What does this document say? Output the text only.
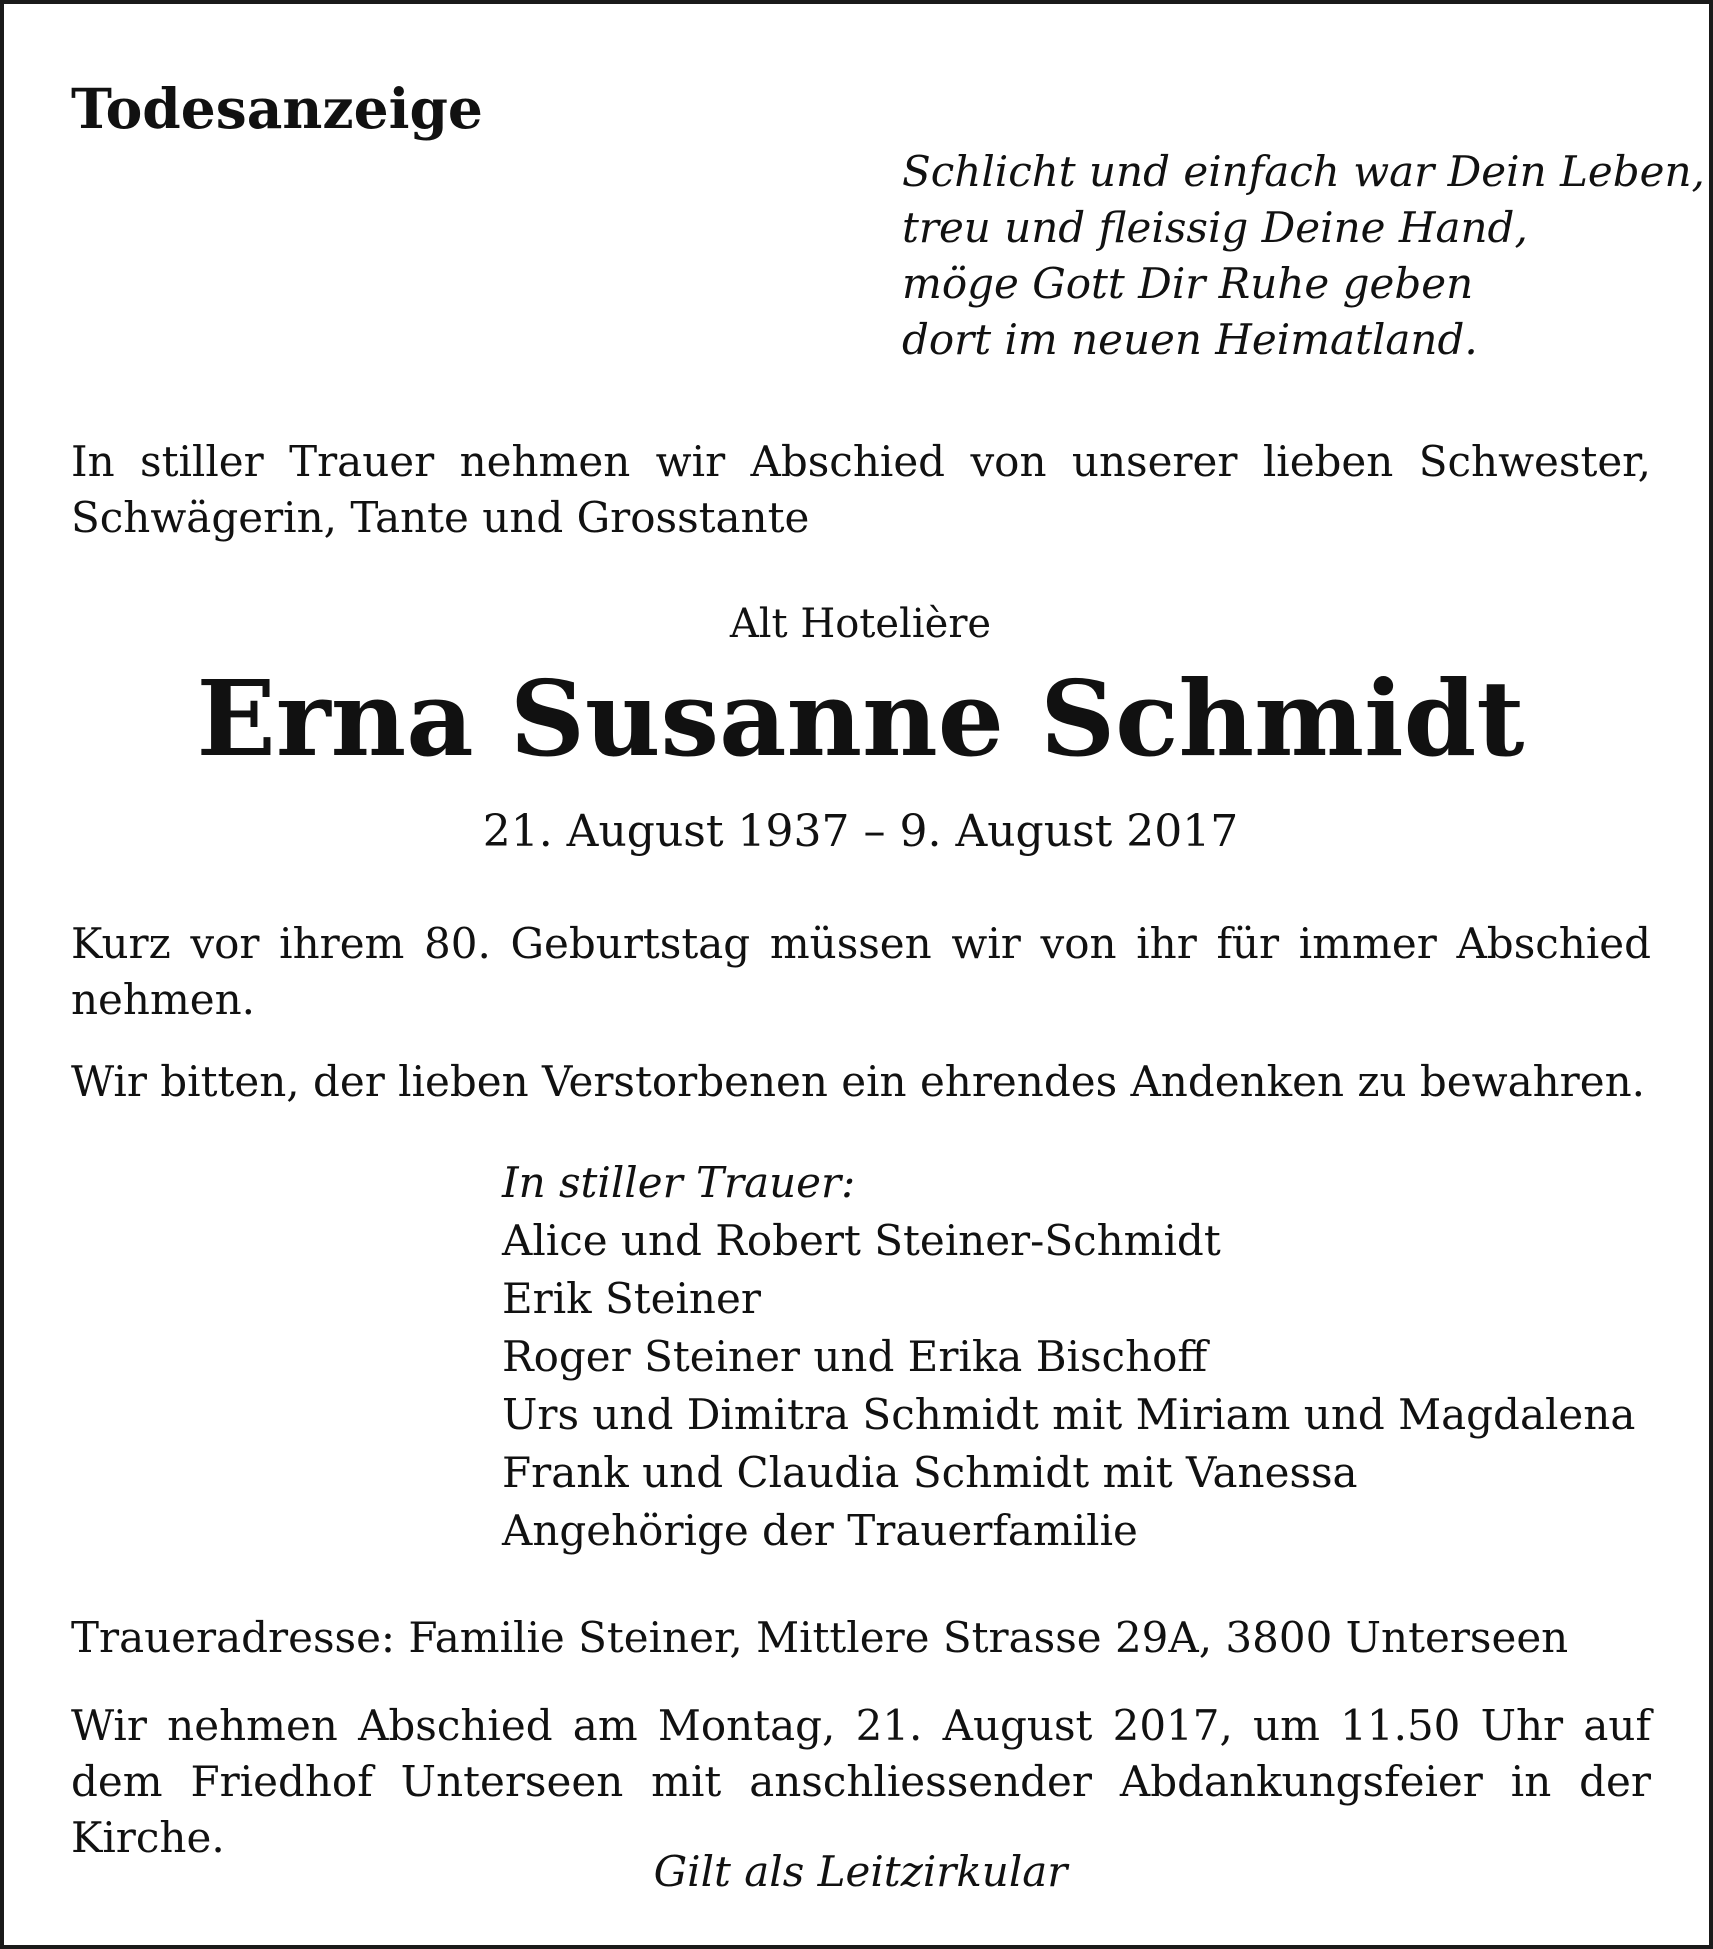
Todesanzeige
Schlicht und einfach war Dein Leben,
treu und fleissig Deine Hand,
möge Gott Dir Ruhe geben
dort im neuen Heimatland.

In stiller Trauer nehmen wir Abschied von unserer lieben Schwester, Schwägerin, Tante und Grosstante

Alt Hotelière
Erna Susanne Schmidt
21. August 1937 – 9. August 2017

Kurz vor ihrem 80. Geburtstag müssen wir von ihr für immer Abschied nehmen.

Wir bitten, der lieben Verstorbenen ein ehrendes Andenken zu bewahren.

In stiller Trauer:
Alice und Robert Steiner-Schmidt
Erik Steiner
Roger Steiner und Erika Bischoff
Urs und Dimitra Schmidt mit Miriam und Magdalena
Frank und Claudia Schmidt mit Vanessa
Angehörige der Trauerfamilie

Traueradresse: Familie Steiner, Mittlere Strasse 29A, 3800 Unterseen

Wir nehmen Abschied am Montag, 21. August 2017, um 11.50 Uhr auf dem Friedhof Unterseen mit anschliessender Abdankungsfeier in der Kirche.

Gilt als Leitzirkular
